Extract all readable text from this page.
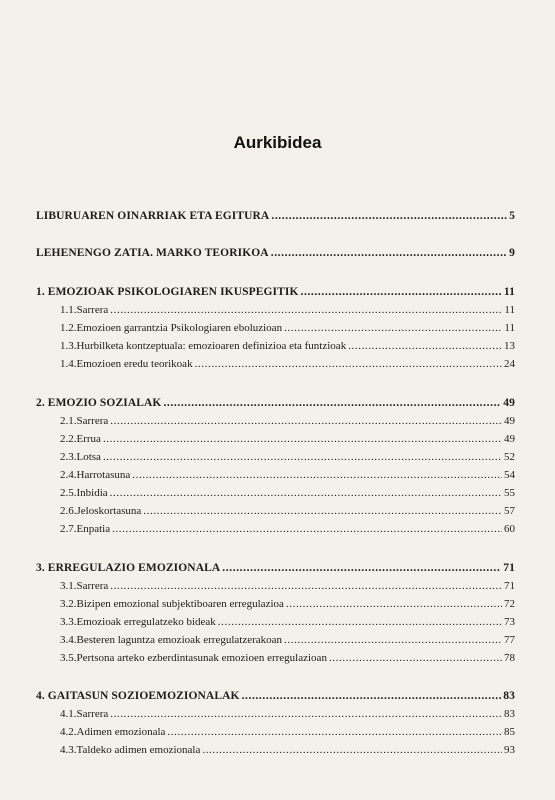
Aurkibidea
LIBURUAREN OINARRIAK ETA EGITURA .....	5
LEHENENGO ZATIA. MARKO TEORIKOA .....	9
1. EMOZIOAK PSIKOLOGIAREN IKUSPEGITIK .....	11
1.1. Sarrera .....	11
1.2. Emozioen garrantzia Psikologiaren eboluzioan .....	11
1.3. Hurbilketa kontzeptuala: emozioaren definizioa eta funtzioak .....	13
1.4. Emozioen eredu teorikoak .....	24
2. EMOZIO SOZIALAK .....	49
2.1. Sarrera .....	49
2.2. Errua .....	49
2.3. Lotsa .....	52
2.4. Harrotasuna .....	54
2.5. Inbidia .....	55
2.6. Jeloskortasuna .....	57
2.7. Enpatia .....	60
3. ERREGULAZIO EMOZIONALA .....	71
3.1. Sarrera .....	71
3.2. Bizipen emozional subjektiboaren erregulazioa .....	72
3.3. Emozioak erregulatzeko bideak .....	73
3.4. Besteren laguntza emozioak erregulatzerakoan .....	77
3.5. Pertsona arteko ezberdintasunak emozioen erregulazioan .....	78
4. GAITASUN SOZIOEMOZIONALAK .....	83
4.1. Sarrera .....	83
4.2. Adimen emozionala .....	85
4.3. Taldeko adimen emozionala .....	93
